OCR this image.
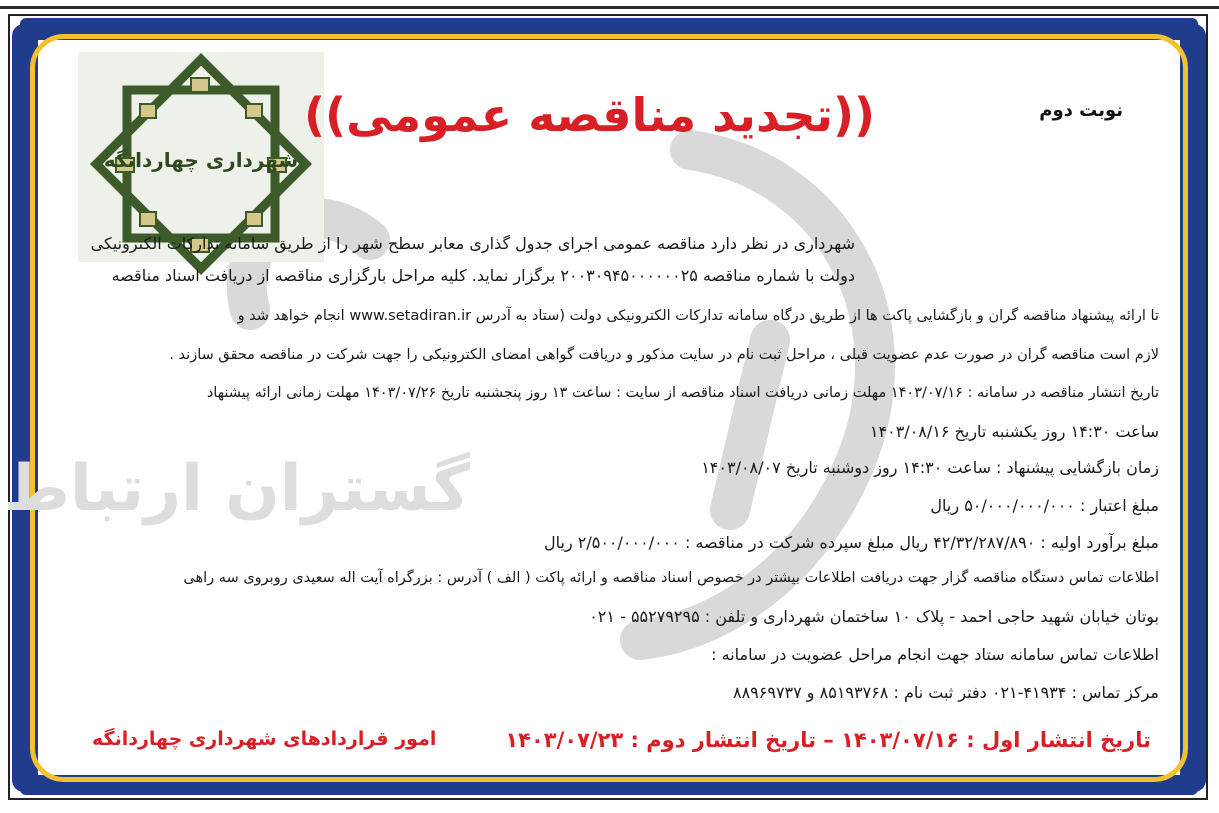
گستران ارتباط
شهرداری چهاردانگه
نوبت دوم
((تجدید مناقصه عمومی))
شهرداری در نظر دارد مناقصه عمومی اجرای جدول گذاری معابر سطح شهر را از طریق سامانه تدارکات الکترونیکی
دولت با شماره مناقصه ۲۰۰۳۰۹۴۵۰۰۰۰۰۰۲۵ برگزار نماید. کلیه مراحل بارگزاری مناقصه از دریافت اسناد مناقصه
تا ارائه پیشنهاد مناقصه گران و بازگشایی پاکت ها از طریق درگاه سامانه تدارکات الکترونیکی دولت (ستاد به آدرس www.setadiran.ir انجام خواهد شد و
لازم است مناقصه گران در صورت عدم عضویت قبلی ، مراحل ثبت نام در سایت مذکور و دریافت گواهی امضای الکترونیکی را جهت شرکت در مناقصه محقق سازند .
تاریخ انتشار مناقصه در سامانه : ۱۴۰۳/۰۷/۱۶ مهلت زمانی دریافت اسناد مناقصه از سایت : ساعت ۱۳ روز پنجشنبه تاریخ ۱۴۰۳/۰۷/۲۶ مهلت زمانی ارائه پیشنهاد
ساعت ۱۴:۳۰ روز یکشنبه تاریخ ۱۴۰۳/۰۸/۱۶
زمان بازگشایی پیشنهاد : ساعت ۱۴:۳۰ روز دوشنبه تاریخ ۱۴۰۳/۰۸/۰۷
مبلغ اعتبار : ۵۰/۰۰۰/۰۰۰/۰۰۰ ریال
مبلغ برآورد اولیه : ۴۲/۳۲/۲۸۷/۸۹۰ ریال مبلغ سپرده شرکت در مناقصه : ۲/۵۰۰/۰۰۰/۰۰۰ ریال
اطلاعات تماس دستگاه مناقصه گزار جهت دریافت اطلاعات بیشتر در خصوص اسناد مناقصه و ارائه پاکت ( الف ) آدرس : بزرگراه آیت اله سعیدی روبروی سه راهی
بوتان خیابان شهید حاجی احمد - پلاک ۱۰ ساختمان شهرداری و تلفن : ۵۵۲۷۹۲۹۵ - ۰۲۱
اطلاعات تماس سامانه ستاد جهت انجام مراحل عضویت در سامانه :
مرکز تماس : ۴۱۹۳۴-۰۲۱ دفتر ثبت نام : ۸۵۱۹۳۷۶۸ و ۸۸۹۶۹۷۳۷
تاریخ انتشار اول : ۱۴۰۳/۰۷/۱۶ – تاریخ انتشار دوم : ۱۴۰۳/۰۷/۲۳
امور قراردادهای شهرداری چهاردانگه
